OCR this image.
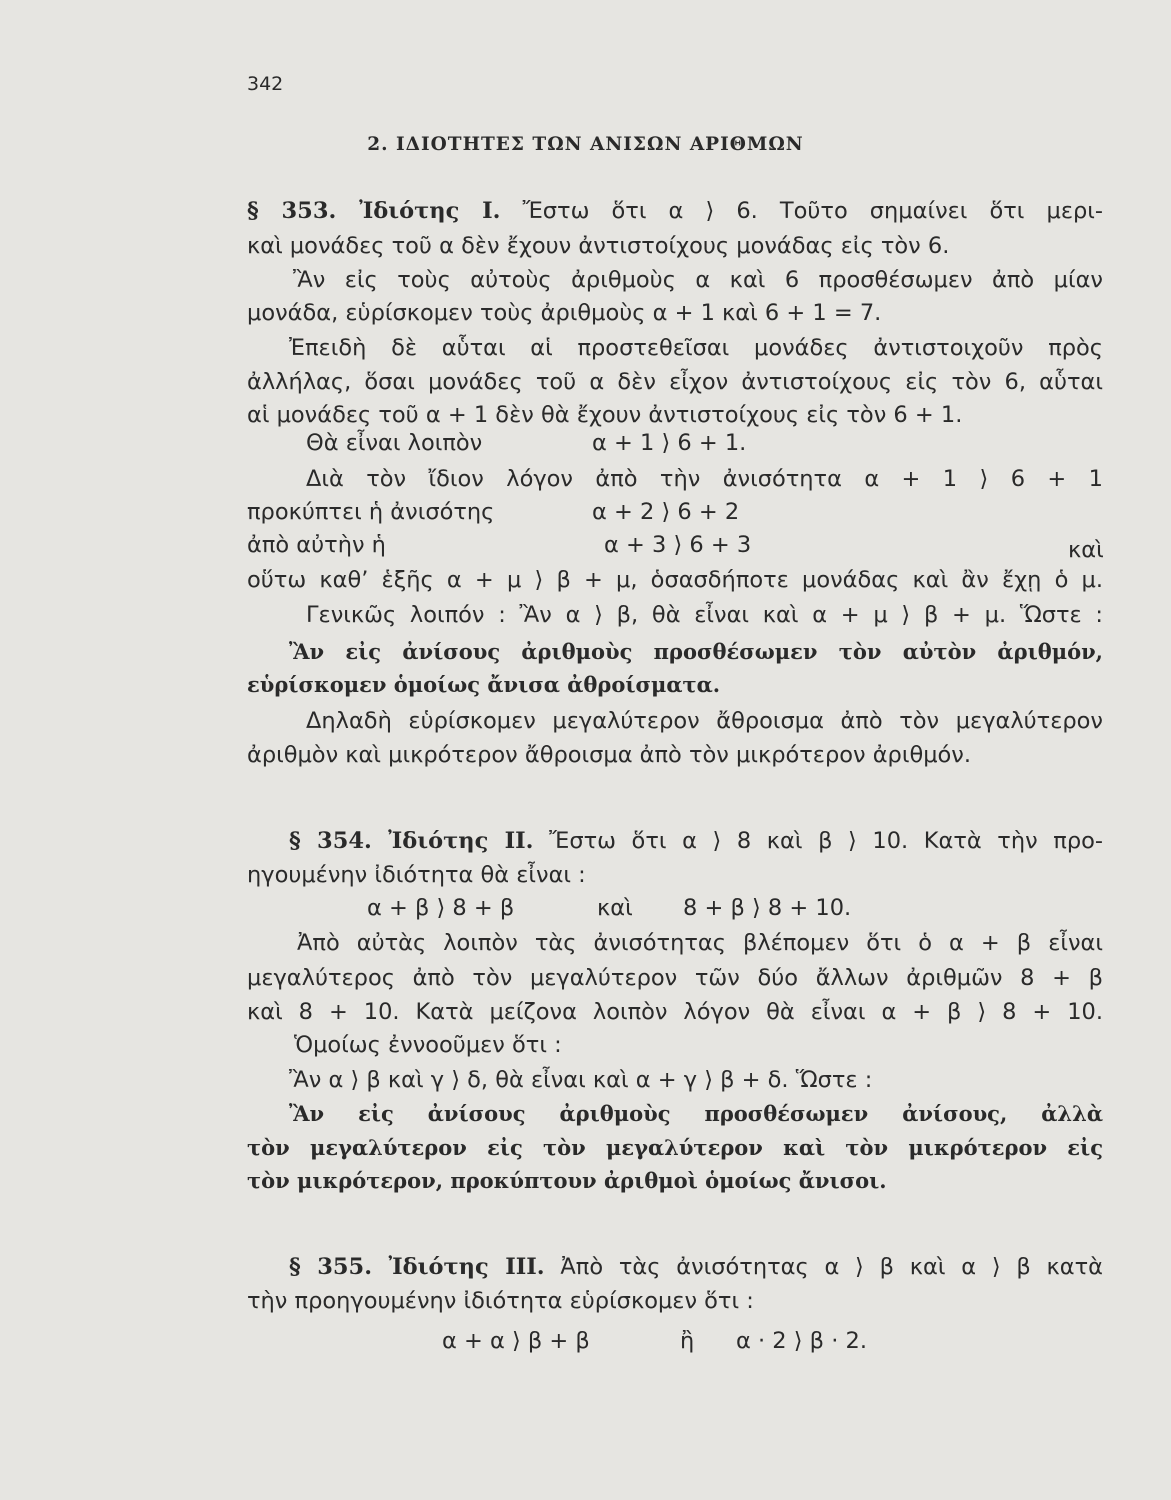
342
2. ΙΔΙΟΤΗΤΕΣ ΤΩΝ ΑΝΙΣΩΝ ΑΡΙΘΜΩΝ
§ 353. Ἰδιότης I. Ἔστω ὅτι α ⟩ 6. Τοῦτο σημαίνει ὅτι μερι-
καὶ μονάδες τοῦ α δὲν ἔχουν ἀντιστοίχους μονάδας εἰς τὸν 6.
Ἂν εἰς τοὺς αὐτοὺς ἀριθμοὺς α καὶ 6 προσθέσωμεν ἀπὸ μίαν
μονάδα, εὑρίσκομεν τοὺς ἀριθμοὺς α + 1 καὶ 6 + 1 = 7.
Ἐπειδὴ δὲ αὗται αἱ προστεθεῖσαι μονάδες ἀντιστοιχοῦν πρὸς
ἀλλήλας, ὅσαι μονάδες τοῦ α δὲν εἶχον ἀντιστοίχους εἰς τὸν 6, αὗται
αἱ μονάδες τοῦ α + 1 δὲν θὰ ἔχουν ἀντιστοίχους εἰς τὸν 6 + 1.
Θὰ εἶναι λοιπὸν	α + 1 ⟩ 6 + 1.
Διὰ τὸν ἴδιον λόγον ἀπὸ τὴν ἀνισότητα α + 1 ⟩ 6 + 1
προκύπτει ἡ ἀνισότης	α + 2 ⟩ 6 + 2
ἀπὸ αὐτὴν ἡ	α + 3 ⟩ 6 + 3	καὶ
οὕτω καθ’ ἑξῆς α + μ ⟩ β + μ, ὁσασδήποτε μονάδας καὶ ἂν ἔχῃ ὁ μ.
Γενικῶς λοιπόν : Ἂν α ⟩ β, θὰ εἶναι καὶ α + μ ⟩ β + μ. Ὥστε :
Ἂν εἰς ἀνίσους ἀριθμοὺς προσθέσωμεν τὸν αὐτὸν ἀριθμόν,
εὑρίσκομεν ὁμοίως ἄνισα ἀθροίσματα.
Δηλαδὴ εὑρίσκομεν μεγαλύτερον ἄθροισμα ἀπὸ τὸν μεγαλύτερον
ἀριθμὸν καὶ μικρότερον ἄθροισμα ἀπὸ τὸν μικρότερον ἀριθμόν.
§ 354. Ἰδιότης II. Ἔστω ὅτι α ⟩ 8 καὶ β ⟩ 10. Κατὰ τὴν προ-
ηγουμένην ἰδιότητα θὰ εἶναι :
α + β ⟩ 8 + β	καὶ 8 + β ⟩ 8 + 10.
Ἀπὸ αὐτὰς λοιπὸν τὰς ἀνισότητας βλέπομεν ὅτι ὁ α + β εἶναι
μεγαλύτερος ἀπὸ τὸν μεγαλύτερον τῶν δύο ἄλλων ἀριθμῶν 8 + β
καὶ 8 + 10. Κατὰ μείζονα λοιπὸν λόγον θὰ εἶναι α + β ⟩ 8 + 10.
Ὁμοίως ἐννοοῦμεν ὅτι :
Ἂν α ⟩ β καὶ γ ⟩ δ, θὰ εἶναι καὶ α + γ ⟩ β + δ. Ὥστε :
Ἂν εἰς ἀνίσους ἀριθμοὺς προσθέσωμεν ἀνίσους, ἀλλὰ
τὸν μεγαλύτερον εἰς τὸν μεγαλύτερον καὶ τὸν μικρότερον εἰς
τὸν μικρότερον, προκύπτουν ἀριθμοὶ ὁμοίως ἄνισοι.
§ 355. Ἰδιότης III. Ἀπὸ τὰς ἀνισότητας α ⟩ β καὶ α ⟩ β κατὰ
τὴν προηγουμένην ἰδιότητα εὑρίσκομεν ὅτι :
α + α ⟩ β + β	ἢ α · 2 ⟩ β · 2.
